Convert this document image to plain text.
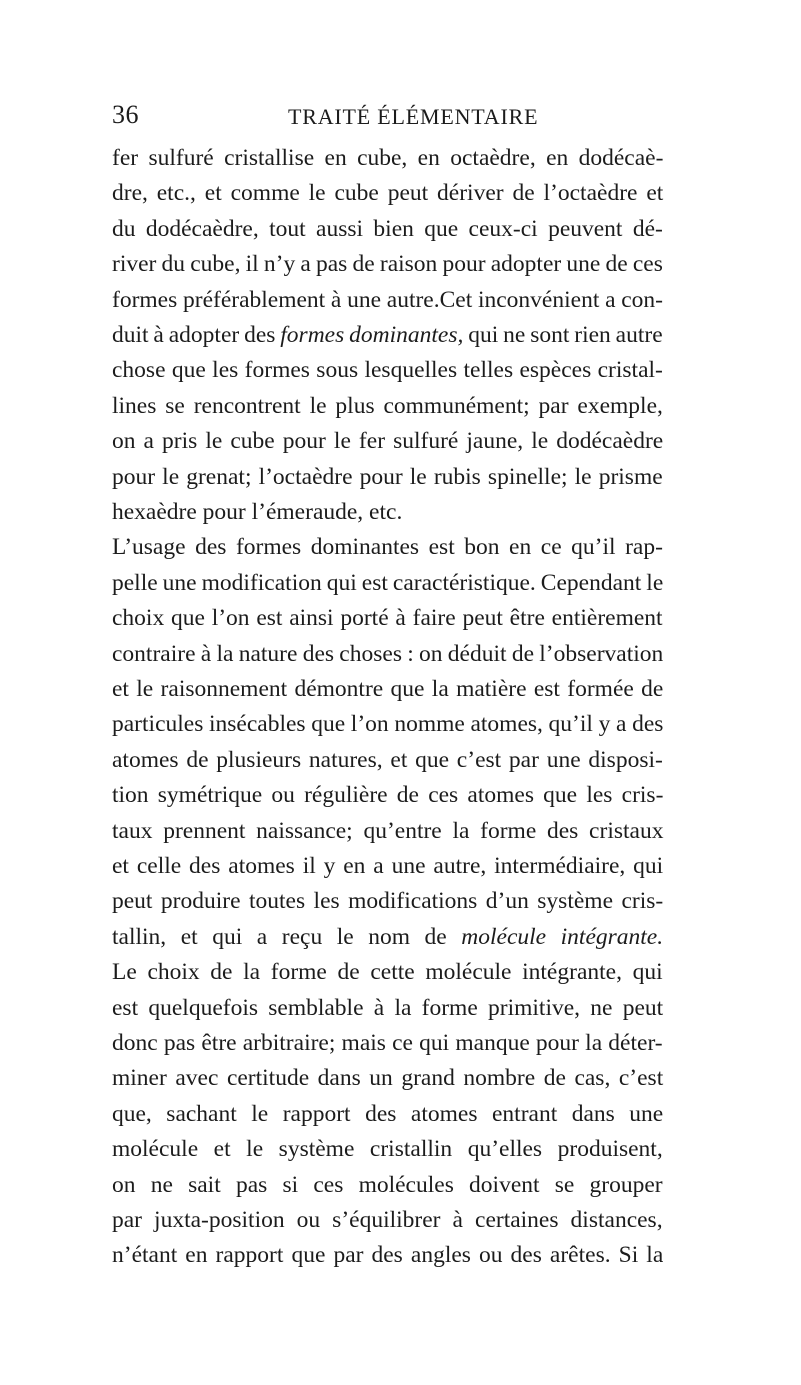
36	TRAITÉ ÉLÉMENTAIRE
fer sulfuré cristallise en cube, en octaèdre, en dodécaè-
dre, etc., et comme le cube peut dériver de l’octaèdre et
du dodécaèdre, tout aussi bien que ceux-ci peuvent dé-
river du cube, il n’y a pas de raison pour adopter une de ces
formes préférablement à une autre.Cet inconvénient a con-
duit à adopter des formes dominantes, qui ne sont rien autre
chose que les formes sous lesquelles telles espèces cristal-
lines se rencontrent le plus communément; par exemple,
on a pris le cube pour le fer sulfuré jaune, le dodécaèdre
pour le grenat; l’octaèdre pour le rubis spinelle; le prisme
hexaèdre pour l’émeraude, etc.
L’usage des formes dominantes est bon en ce qu’il rap-
pelle une modification qui est caractéristique. Cependant le
choix que l’on est ainsi porté à faire peut être entièrement
contraire à la nature des choses : on déduit de l’observation
et le raisonnement démontre que la matière est formée de
particules insécables que l’on nomme atomes, qu’il y a des
atomes de plusieurs natures, et que c’est par une disposi-
tion symétrique ou régulière de ces atomes que les cris-
taux prennent naissance; qu’entre la forme des cristaux
et celle des atomes il y en a une autre, intermédiaire, qui
peut produire toutes les modifications d’un système cris-
tallin, et qui a reçu le nom de molécule intégrante.
Le choix de la forme de cette molécule intégrante, qui
est quelquefois semblable à la forme primitive, ne peut
donc pas être arbitraire; mais ce qui manque pour la déter-
miner avec certitude dans un grand nombre de cas, c’est
que, sachant le rapport des atomes entrant dans une
molécule et le système cristallin qu’elles produisent,
on ne sait pas si ces molécules doivent se grouper
par juxta-position ou s’équilibrer à certaines distances,
n’étant en rapport que par des angles ou des arêtes. Si la
